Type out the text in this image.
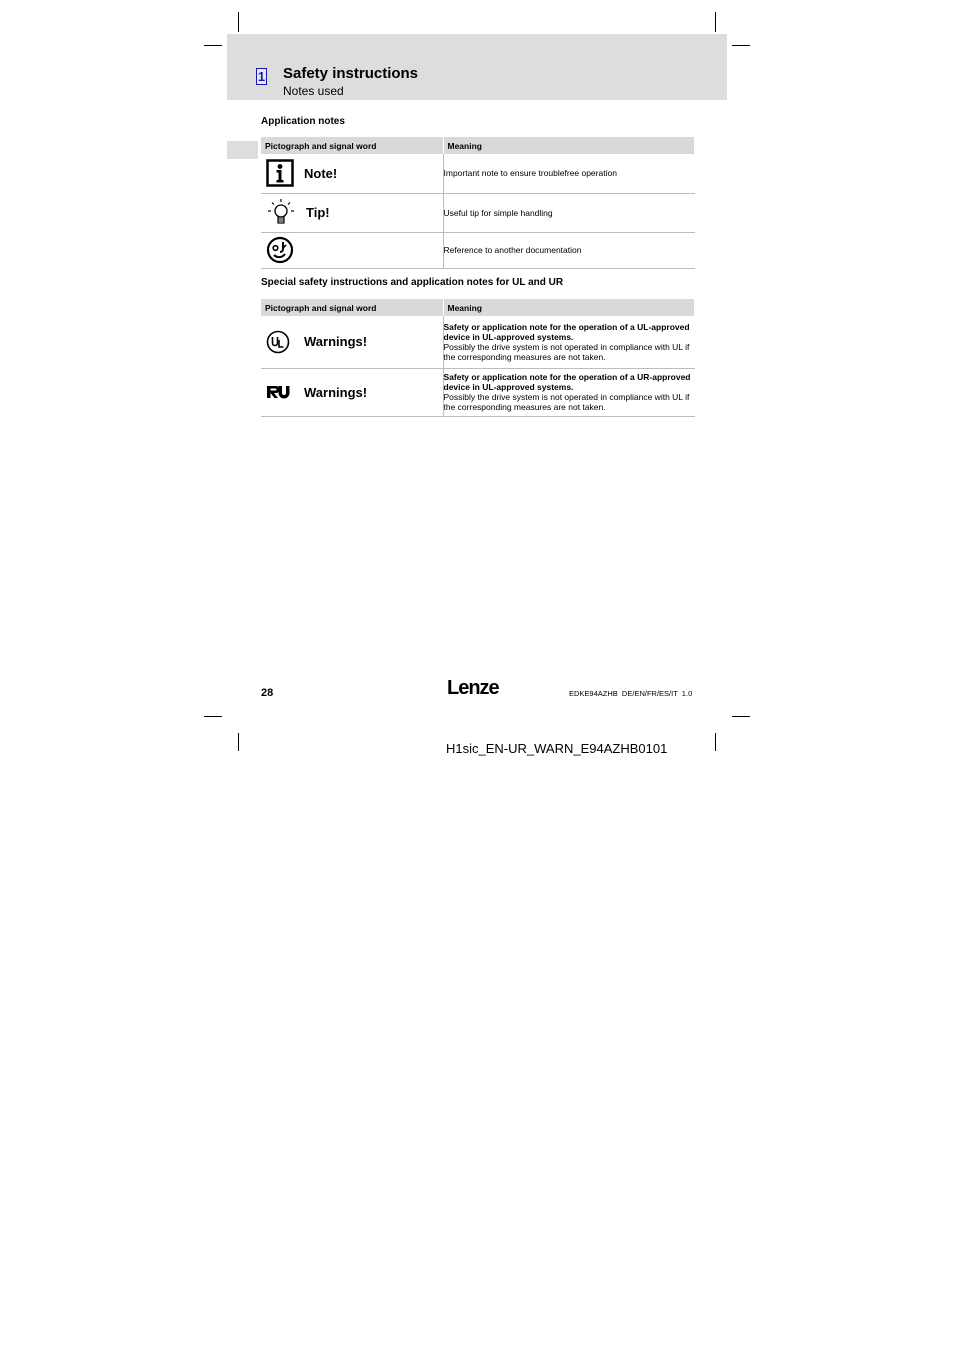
1 Safety instructions
Notes used
Application notes
Pictograph and signal word	Meaning

Note!	Important note to ensure troublefree operation

Tip!	Useful tip for simple handling

	Reference to another documentation
Special safety instructions and application notes for UL and UR
Pictograph and signal word	Meaning

Warnings!	Safety or application note for the operation of a UL-approved device in UL-approved systems.
Possibly the drive system is not operated in compliance with UL if the corresponding measures are not taken.

Warnings!	Safety or application note for the operation of a UR-approved device in UL-approved systems.
Possibly the drive system is not operated in compliance with UL if the corresponding measures are not taken.
28	Lenze	EDKE94AZHB  DE/EN/FR/ES/IT  1.0
H1sic_EN-UR_WARN_E94AZHB0101
